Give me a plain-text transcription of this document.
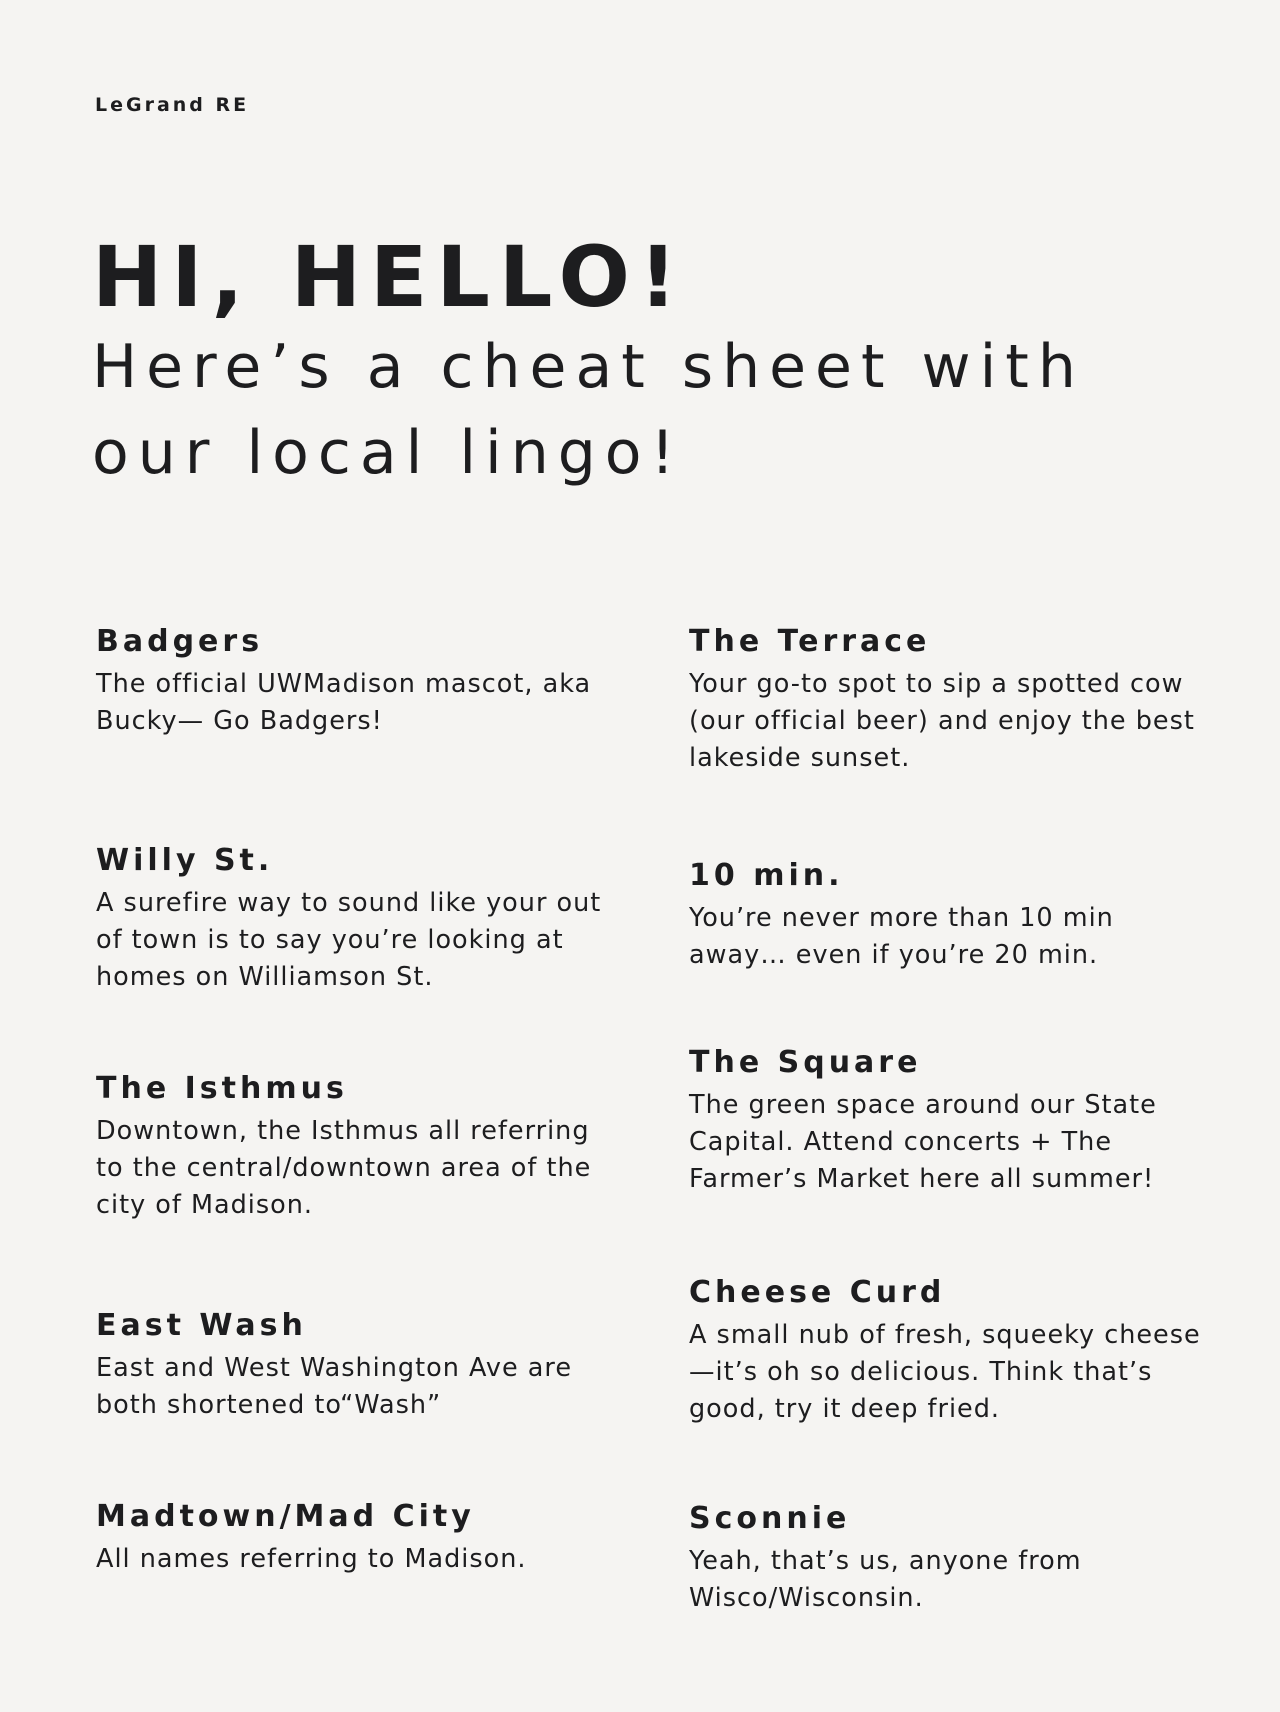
LeGrand RE
HI, HELLO!
Here’s a cheat sheet with our local lingo!
Badgers

The official UWMadison mascot, aka Bucky— Go Badgers!

Willy St.

A surefire way to sound like your out of town is to say you’re looking at homes on Williamson St.

The Isthmus

Downtown, the Isthmus all referring to the central/downtown area of the city of Madison.

East Wash

East and West Washington Ave are both shortened to“Wash”

Madtown/Mad City

All names referring to Madison.

The Terrace

Your go-to spot to sip a spotted cow (our official beer) and enjoy the best lakeside sunset.

10 min.

You’re never more than 10 min away… even if you’re 20 min.

The Square

The green space around our State Capital. Attend concerts + The Farmer’s Market here all summer!

Cheese Curd

A small nub of fresh, squeeky cheese —it’s oh so delicious. Think that’s good, try it deep fried.

Sconnie

Yeah, that’s us, anyone from Wisco/Wisconsin.
